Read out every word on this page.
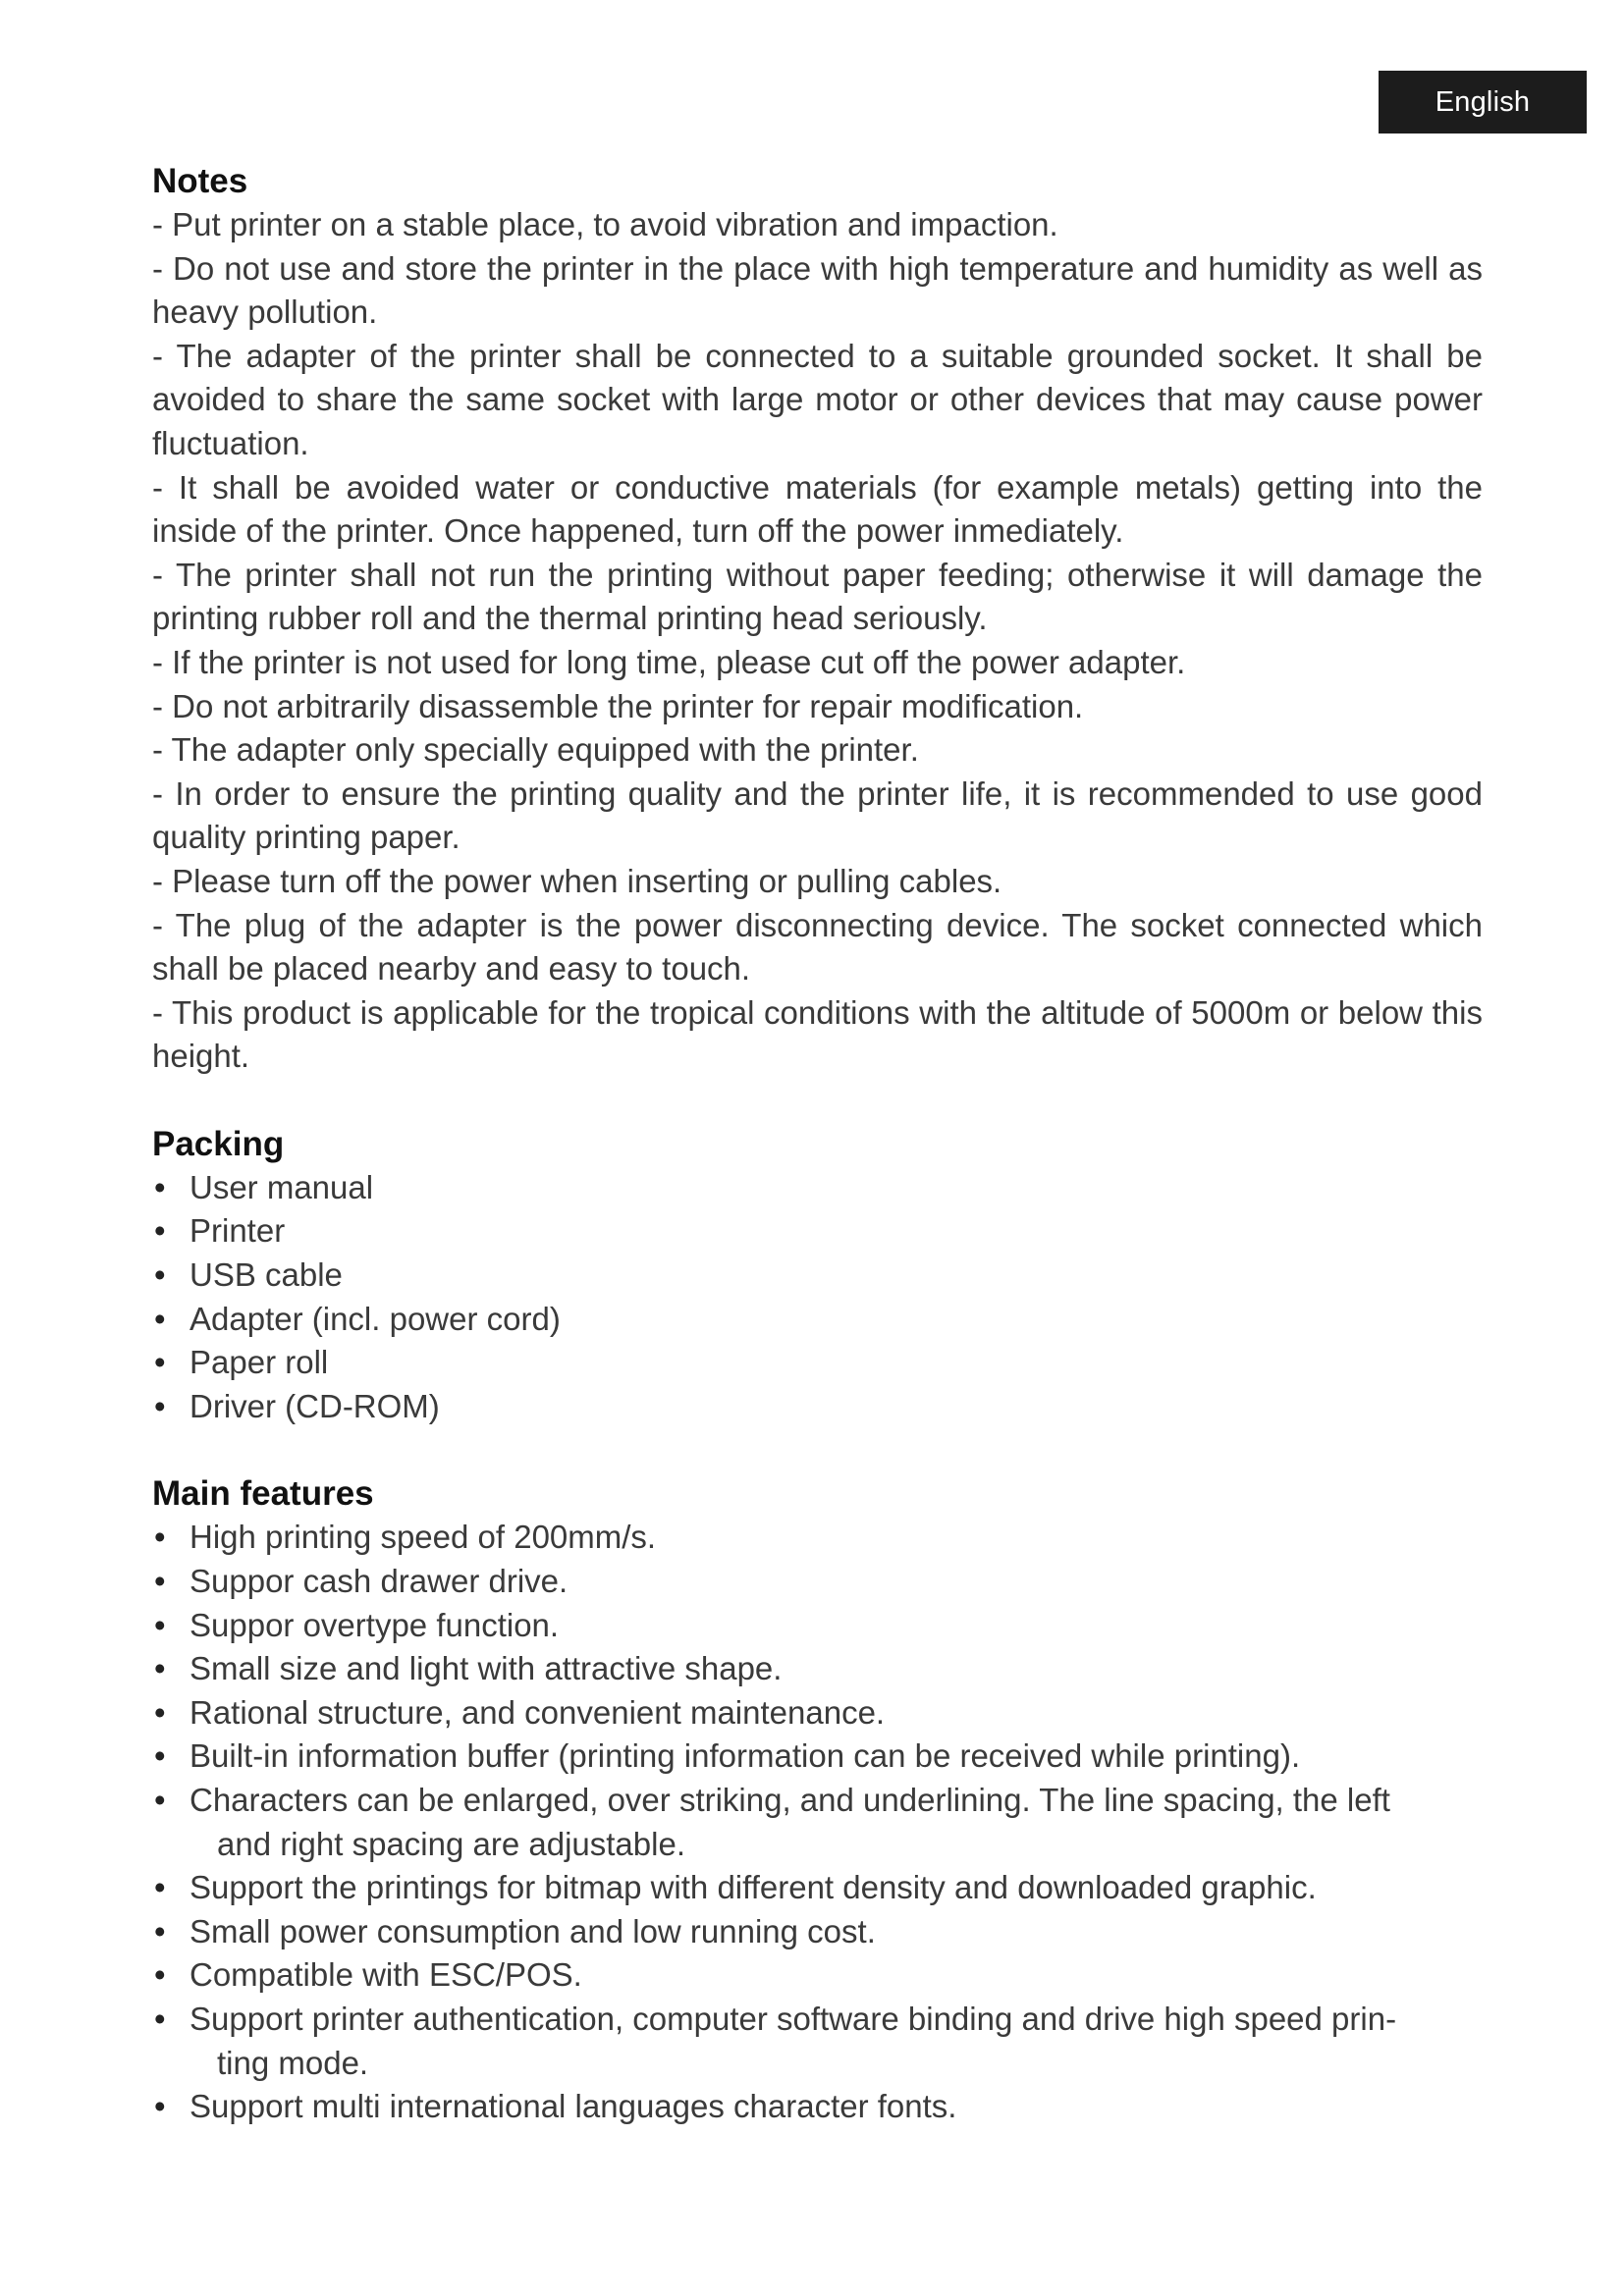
English
Notes

- Put printer on a stable place, to avoid vibration and impaction.

- Do not use and store the printer in the place with high temperature and humidity as well as heavy pollution.

- The adapter of the printer shall be connected to a suitable grounded socket. It shall be avoided to share the same socket with large motor or other devices that may cause power fluctuation.

- It shall be avoided water or conductive materials (for example metals) getting into the inside of the printer. Once happened, turn off the power inmediately.

- The printer shall not run the printing without paper feeding; otherwise it will damage the printing rubber roll and the thermal printing head seriously.

- If the printer is not used for long time, please cut off the power adapter.

- Do not arbitrarily disassemble the printer for repair modification.

- The adapter only specially equipped with the printer.

- In order to ensure the printing quality and the printer life, it is recommended to use good quality printing paper.

- Please turn off the power when inserting or pulling cables.

- The plug of the adapter is the power disconnecting device. The socket connected which shall be placed nearby and easy to touch.

- This product is applicable for the tropical conditions with the altitude of 5000m or below this height.

Packing
• User manual
• Printer
• USB cable
• Adapter (incl. power cord)
• Paper roll
• Driver (CD-ROM)
Main features
• High printing speed of 200mm/s.
• Suppor cash drawer drive.
• Suppor overtype function.
• Small size and light with attractive shape.
• Rational structure, and convenient maintenance.
• Built-in information buffer (printing information can be received while printing).
• Characters can be enlarged, over striking, and underlining. The line spacing, the left
and right spacing are adjustable.
• Support the printings for bitmap with different density and downloaded graphic.
• Small power consumption and low running cost.
• Compatible with ESC/POS.
• Support printer authentication, computer software binding and drive high speed prin-
ting mode.
• Support multi international languages character fonts.
